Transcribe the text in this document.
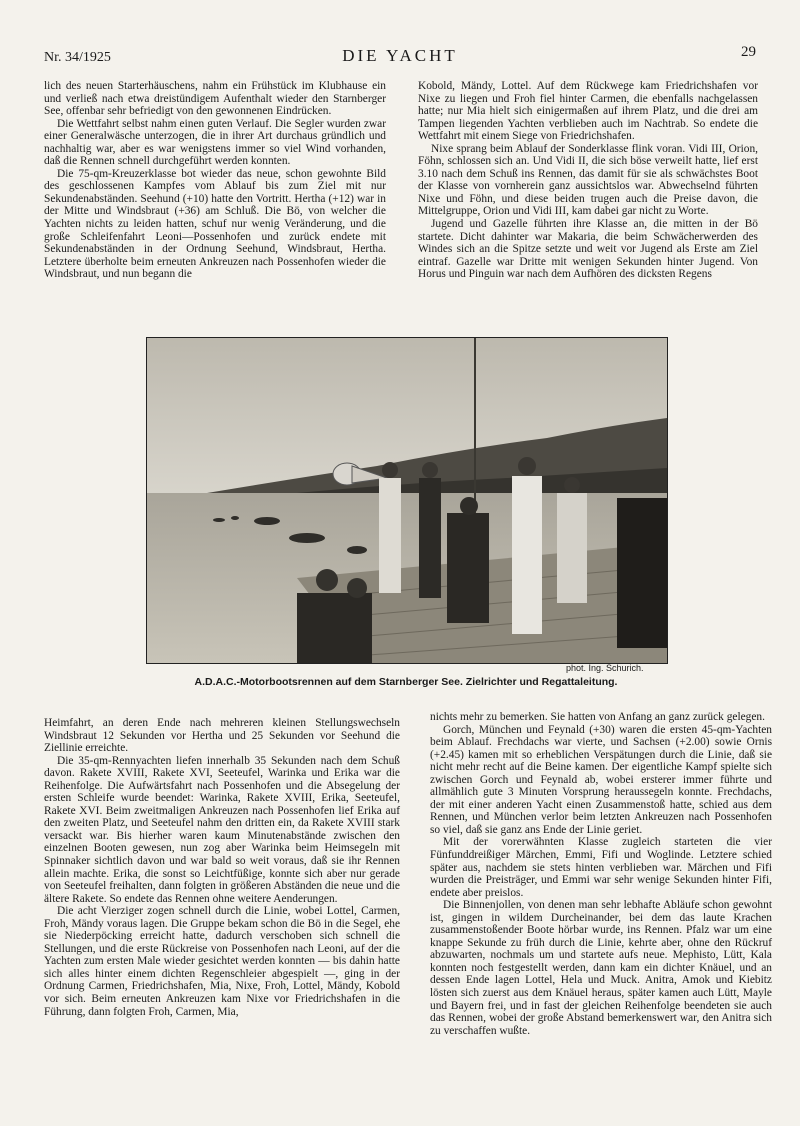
Nr. 34/1925	DIE YACHT	29

lich des neuen Starterhäuschens, nahm ein Frühstück im Klubhause ein und verließ nach etwa dreistündigem Aufenthalt wieder den Starnberger See, offenbar sehr befriedigt von den gewonnenen Eindrücken.

Die Wettfahrt selbst nahm einen guten Verlauf. Die Segler wurden zwar einer Generalwäsche unterzogen, die in ihrer Art durchaus gründlich und nachhaltig war, aber es war wenigstens immer so viel Wind vorhanden, daß die Rennen schnell durchgeführt werden konnten.

Die 75-qm-Kreuzerklasse bot wieder das neue, schon gewohnte Bild des geschlossenen Kampfes vom Ablauf bis zum Ziel mit nur Sekundenabständen. Seehund (+10) hatte den Vortritt. Hertha (+12) war in der Mitte und Windsbraut (+36) am Schluß. Die Bö, von welcher die Yachten nichts zu leiden hatten, schuf nur wenig Veränderung, und die große Schleifenfahrt Leoni—Possenhofen und zurück endete mit Sekundenabständen in der Ordnung Seehund, Windsbraut, Hertha. Letztere überholte beim erneuten Ankreuzen nach Possenhofen wieder die Windsbraut, und nun begann die

Kobold, Mändy, Lottel. Auf dem Rückwege kam Friedrichshafen vor Nixe zu liegen und Froh fiel hinter Carmen, die ebenfalls nachgelassen hatte; nur Mia hielt sich einigermaßen auf ihrem Platz, und die drei am Tampen liegenden Yachten verblieben auch im Nachtrab. So endete die Wettfahrt mit einem Siege von Friedrichshafen.

Nixe sprang beim Ablauf der Sonderklasse flink voran. Vidi III, Orion, Föhn, schlossen sich an. Und Vidi II, die sich böse verweilt hatte, lief erst 3.10 nach dem Schuß ins Rennen, das damit für sie als schwächstes Boot der Klasse von vornherein ganz aussichtslos war. Abwechselnd führten Nixe und Föhn, und diese beiden trugen auch die Preise davon, die Mittelgruppe, Orion und Vidi III, kam dabei gar nicht zu Worte.

Jugend und Gazelle führten ihre Klasse an, die mitten in der Bö startete. Dicht dahinter war Makaria, die beim Schwächerwerden des Windes sich an die Spitze setzte und weit vor Jugend als Erste am Ziel eintraf. Gazelle war Dritte mit wenigen Sekunden hinter Jugend. Von Horus und Pinguin war nach dem Aufhören des dicksten Regens

phot. Ing. Schurich.
A.D.A.C.-Motorbootsrennen auf dem Starnberger See. Zielrichter und Regattaleitung.

Heimfahrt, an deren Ende nach mehreren kleinen Stellungswechseln Windsbraut 12 Sekunden vor Hertha und 25 Sekunden vor Seehund die Ziellinie erreichte.

Die 35-qm-Rennyachten liefen innerhalb 35 Sekunden nach dem Schuß davon. Rakete XVIII, Rakete XVI, Seeteufel, Warinka und Erika war die Reihenfolge. Die Aufwärtsfahrt nach Possenhofen und die Absegelung der ersten Schleife wurde beendet: Warinka, Rakete XVIII, Erika, Seeteufel, Rakete XVI. Beim zweitmaligen Ankreuzen nach Possenhofen lief Erika auf den zweiten Platz, und Seeteufel nahm den dritten ein, da Rakete XVIII stark versackt war. Bis hierher waren kaum Minutenabstände zwischen den einzelnen Booten gewesen, nun zog aber Warinka beim Heimsegeln mit Spinnaker sichtlich davon und war bald so weit voraus, daß sie ihr Rennen allein machte. Erika, die sonst so Leichtfüßige, konnte sich aber nur gerade von Seeteufel freihalten, dann folgten in größeren Abständen die neue und die ältere Rakete. So endete das Rennen ohne weitere Aenderungen.

Die acht Vierziger zogen schnell durch die Linie, wobei Lottel, Carmen, Froh, Mändy voraus lagen. Die Gruppe bekam schon die Bö in die Segel, ehe sie Niederpöcking erreicht hatte, dadurch verschoben sich schnell die Stellungen, und die erste Rückreise von Possenhofen nach Leoni, auf der die Yachten zum ersten Male wieder gesichtet werden konnten — bis dahin hatte sich alles hinter einem dichten Regenschleier abgespielt —, ging in der Ordnung Carmen, Friedrichshafen, Mia, Nixe, Froh, Lottel, Mändy, Kobold vor sich. Beim erneuten Ankreuzen kam Nixe vor Friedrichshafen in die Führung, dann folgten Froh, Carmen, Mia,

nichts mehr zu bemerken. Sie hatten von Anfang an ganz zurück gelegen.

Gorch, München und Feynald (+30) waren die ersten 45-qm-Yachten beim Ablauf. Frechdachs war vierte, und Sachsen (+2.00) sowie Ornis (+2.45) kamen mit so erheblichen Verspätungen durch die Linie, daß sie nicht mehr recht auf die Beine kamen. Der eigentliche Kampf spielte sich zwischen Gorch und Feynald ab, wobei ersterer immer führte und allmählich gute 3 Minuten Vorsprung heraussegeln konnte. Frechdachs, der mit einer anderen Yacht einen Zusammenstoß hatte, schied aus dem Rennen, und München verlor beim letzten Ankreuzen nach Possenhofen so viel, daß sie ganz ans Ende der Linie geriet.

Mit der vorerwähnten Klasse zugleich starteten die vier Fünfunddreißiger Märchen, Emmi, Fifi und Woglinde. Letztere schied später aus, nachdem sie stets hinten verblieben war. Märchen und Fifi wurden die Preisträger, und Emmi war sehr wenige Sekunden hinter Fifi, endete aber preislos.

Die Binnenjollen, von denen man sehr lebhafte Abläufe schon gewohnt ist, gingen in wildem Durcheinander, bei dem das laute Krachen zusammenstoßender Boote hörbar wurde, ins Rennen. Pfalz war um eine knappe Sekunde zu früh durch die Linie, kehrte aber, ohne den Rückruf abzuwarten, nochmals um und startete aufs neue. Mephisto, Lütt, Kala konnten noch festgestellt werden, dann kam ein dichter Knäuel, und an dessen Ende lagen Lottel, Hela und Muck. Anitra, Amok und Kiebitz lösten sich zuerst aus dem Knäuel heraus, später kamen auch Lütt, Mayle und Bayern frei, und in fast der gleichen Reihenfolge beendeten sie auch das Rennen, wobei der große Abstand bemerkenswert war, den Anitra sich zu verschaffen wußte.
